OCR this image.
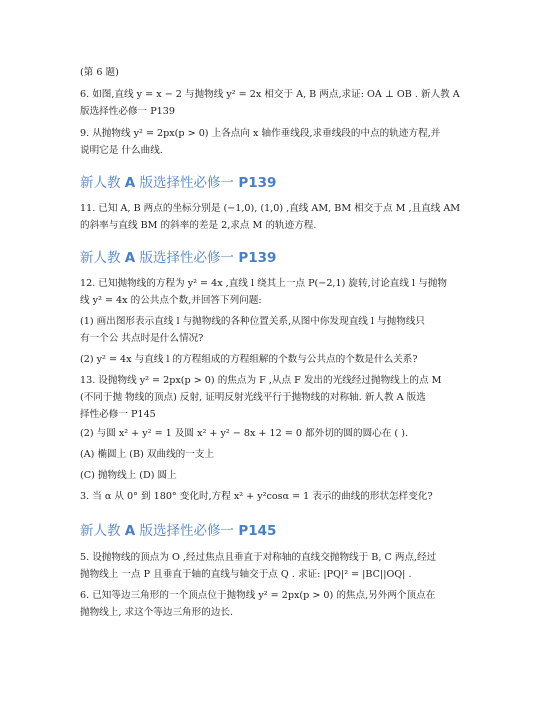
(第 6 题)
6. 如图,直线 y = x − 2 与抛物线 y² = 2x 相交于 A, B 两点,求证: OA ⊥ OB . 新人教 A
版选择性必修一 P139
9. 从抛物线 y² = 2px(p > 0) 上各点向 x 轴作垂线段,求垂线段的中点的轨迹方程,并
说明它是 什么曲线.
新人教 A 版选择性必修一 P139
11. 已知 A, B 两点的坐标分别是 (−1,0), (1,0) ,直线 AM, BM 相交于点 M ,且直线 AM
的斜率与直线 BM 的斜率的差是 2,求点 M 的轨迹方程.
新人教 A 版选择性必修一 P139
12. 已知抛物线的方程为 y² = 4x ,直线 l 绕其上一点 P(−2,1) 旋转,讨论直线 l 与抛物
线 y² = 4x 的公共点个数,并回答下列问题:
(1) 画出图形表示直线 l 与抛物线的各种位置关系,从图中你发现直线 l 与抛物线只
有一个公 共点时是什么情况?
(2) y² = 4x 与直线 l 的方程组成的方程组解的个数与公共点的个数是什么关系?
13. 设抛物线 y² = 2px(p > 0) 的焦点为 F ,从点 F 发出的光线经过抛物线上的点 M
(不同于抛 物线的顶点) 反射, 证明反射光线平行于抛物线的对称轴. 新人教 A 版选
择性必修一 P145
(2) 与圆 x² + y² = 1 及圆 x² + y² − 8x + 12 = 0 都外切的圆的圆心在 ( ).
(A) 椭圆上 (B) 双曲线的一支上
(C) 抛物线上 (D) 圆上
3. 当 α 从 0° 到 180° 变化时,方程 x² + y²cosα = 1 表示的曲线的形状怎样变化?
新人教 A 版选择性必修一 P145
5. 设抛物线的顶点为 O ,经过焦点且垂直于对称轴的直线交抛物线于 B, C 两点,经过
抛物线上 一点 P 且垂直于轴的直线与轴交于点 Q . 求证: |PQ|² = |BC||OQ| .
6. 已知等边三角形的一个顶点位于抛物线 y² = 2px(p > 0) 的焦点,另外两个顶点在
抛物线上, 求这个等边三角形的边长.
